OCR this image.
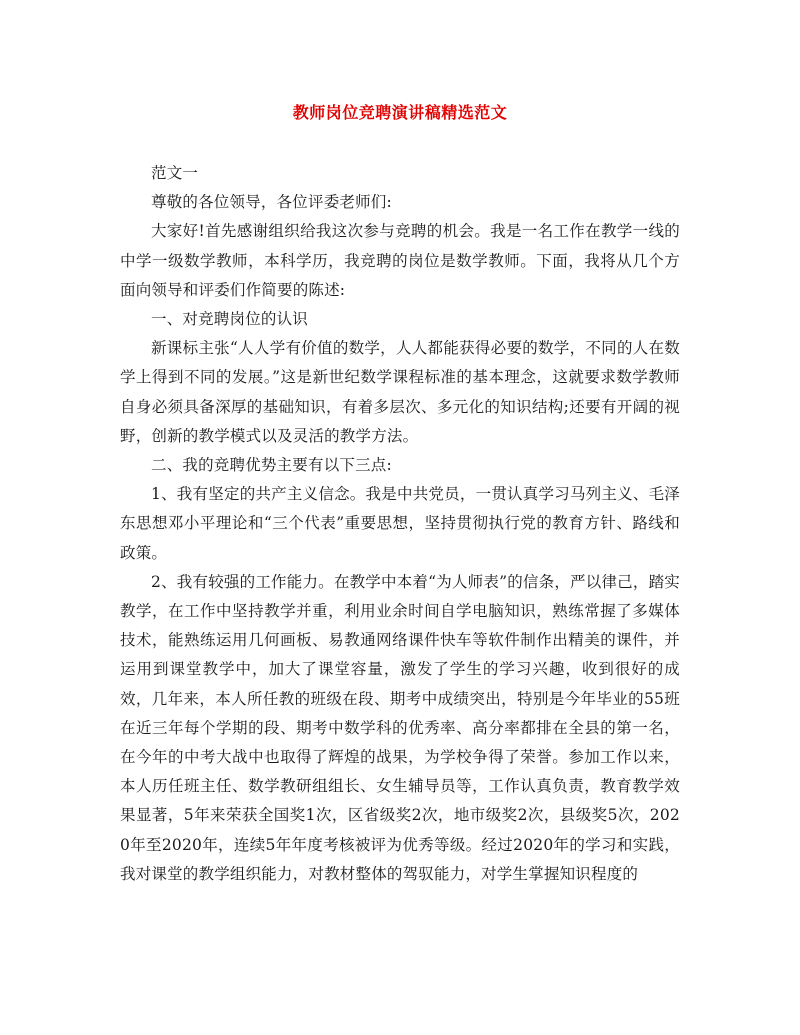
教师岗位竞聘演讲稿精选范文

范文一

尊敬的各位领导，各位评委老师们:

大家好!首先感谢组织给我这次参与竞聘的机会。我是一名工作在教学一线的中学一级数学教师，本科学历，我竞聘的岗位是数学教师。下面，我将从几个方面向领导和评委们作简要的陈述:

一、对竞聘岗位的认识

新课标主张“人人学有价值的数学，人人都能获得必要的数学，不同的人在数学上得到不同的发展。”这是新世纪数学课程标准的基本理念，这就要求数学教师自身必须具备深厚的基础知识，有着多层次、多元化的知识结构;还要有开阔的视野，创新的教学模式以及灵活的教学方法。

二、我的竞聘优势主要有以下三点:

1、我有坚定的共产主义信念。我是中共党员，一贯认真学习马列主义、毛泽东思想邓小平理论和“三个代表”重要思想，坚持贯彻执行党的教育方针、路线和政策。

2、我有较强的工作能力。在教学中本着“为人师表”的信条，严以律己，踏实教学，在工作中坚持教学并重，利用业余时间自学电脑知识，熟练常握了多媒体技术，能熟练运用几何画板、易教通网络课件快车等软件制作出精美的课件，并运用到课堂教学中，加大了课堂容量，激发了学生的学习兴趣，收到很好的成效，几年来，本人所任教的班级在段、期考中成绩突出，特别是今年毕业的55班在近三年每个学期的段、期考中数学科的优秀率、高分率都排在全县的第一名，在今年的中考大战中也取得了辉煌的战果，为学校争得了荣誉。参加工作以来，本人历任班主任、数学教研组组长、女生辅导员等，工作认真负责，教育教学效果显著，5年来荣获全国奖1次，区省级奖2次，地市级奖2次，县级奖5次，2020年至2020年，连续5年年度考核被评为优秀等级。经过2020年的学习和实践，我对课堂的教学组织能力，对教材整体的驾驭能力，对学生掌握知识程度的
